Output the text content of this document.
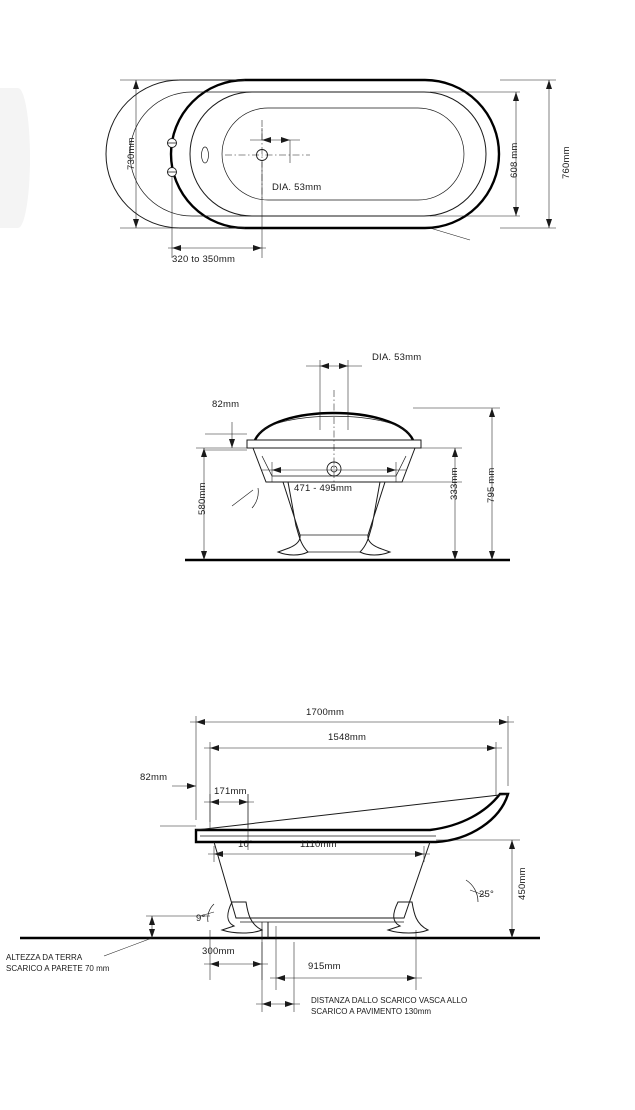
730mm	608 mm	760mm
DIA. 53mm
320 to 350mm
DIA. 53mm
82mm
580mm	471 - 495mm	333mm	795 mm
10°
1700mm
1548mm
82mm
171mm
1110mm
450mm
25°
9°
300mm
915mm
ALTEZZA DA TERRA
SCARICO A PARETE 70 mm
DISTANZA DALLO SCARICO VASCA ALLO
SCARICO A PAVIMENTO 130mm
